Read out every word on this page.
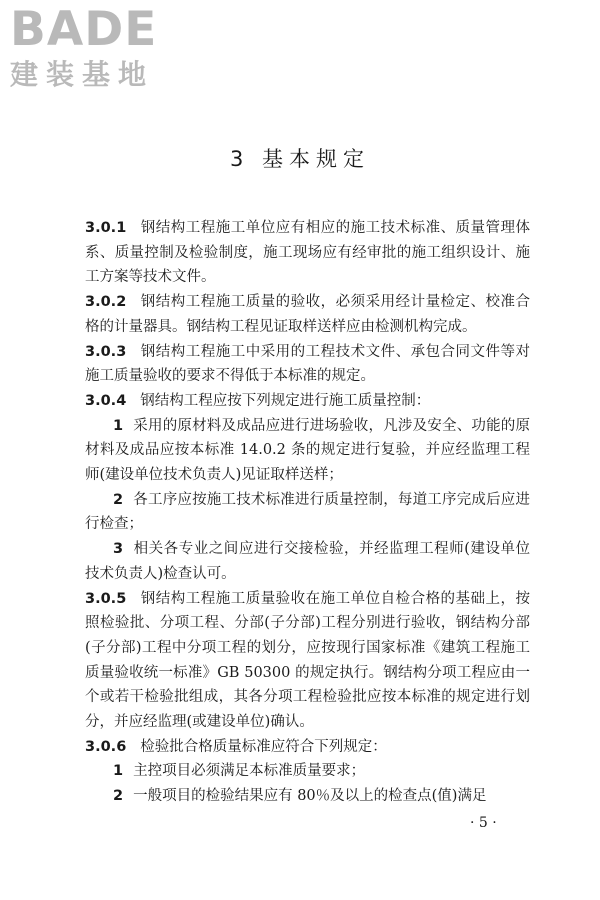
BADE
建装基地
3 基本规定

3.0.1 钢结构工程施工单位应有相应的施工技术标准、质量管理体系、质量控制及检验制度，施工现场应有经审批的施工组织设计、施工方案等技术文件。

3.0.2 钢结构工程施工质量的验收，必须采用经计量检定、校准合格的计量器具。钢结构工程见证取样送样应由检测机构完成。

3.0.3 钢结构工程施工中采用的工程技术文件、承包合同文件等对施工质量验收的要求不得低于本标准的规定。

3.0.4 钢结构工程应按下列规定进行施工质量控制：

1 采用的原材料及成品应进行进场验收，凡涉及安全、功能的原材料及成品应按本标准 14.0.2 条的规定进行复验，并应经监理工程师(建设单位技术负责人)见证取样送样；

2 各工序应按施工技术标准进行质量控制，每道工序完成后应进行检查；

3 相关各专业之间应进行交接检验，并经监理工程师(建设单位技术负责人)检查认可。

3.0.5 钢结构工程施工质量验收在施工单位自检合格的基础上，按照检验批、分项工程、分部(子分部)工程分别进行验收，钢结构分部(子分部)工程中分项工程的划分，应按现行国家标准《建筑工程施工质量验收统一标准》GB 50300 的规定执行。钢结构分项工程应由一个或若干检验批组成，其各分项工程检验批应按本标准的规定进行划分，并应经监理(或建设单位)确认。

3.0.6 检验批合格质量标准应符合下列规定：

1 主控项目必须满足本标准质量要求；

2 一般项目的检验结果应有 80％及以上的检查点(值)满足

· 5 ·
